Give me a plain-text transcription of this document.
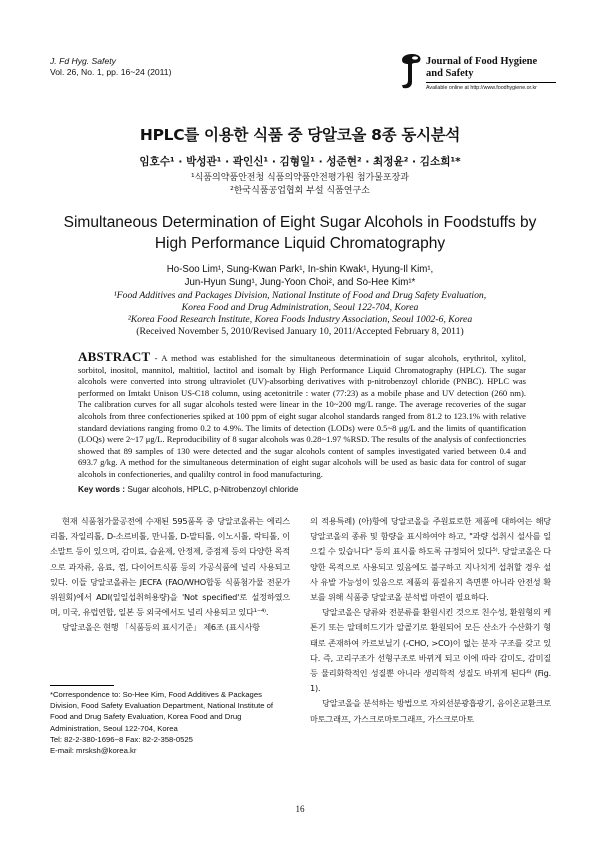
J. Fd Hyg. Safety
Vol. 26, No. 1, pp. 16~24 (2011)
Journal of Food Hygiene
and Safety
Available online at http://www.foodhygiene.or.kr
HPLC를 이용한 식품 중 당알코올 8종 동시분석
임호수¹ · 박성관¹ · 곽인신¹ · 김형일¹ · 성준현² · 최정윤² · 김소희¹*
¹식품의약품안전청 식품의약품안전평가원 첨가물포장과
²한국식품공업협회 부설 식품연구소
Simultaneous Determination of Eight Sugar Alcohols in Foodstuffs by
High Performance Liquid Chromatography
Ho-Soo Lim¹, Sung-Kwan Park¹, In-shin Kwak¹, Hyung-Il Kim¹,
Jun-Hyun Sung¹, Jung-Yoon Choi², and So-Hee Kim¹*
¹Food Additives and Packages Division, National Institute of Food and Drug Safety Evaluation,
Korea Food and Drug Administration, Seoul 122-704, Korea
²Korea Food Research Institute, Korea Foods Industry Association, Seoul 1002-6, Korea
(Received November 5, 2010/Revised January 10, 2011/Accepted February 8, 2011)
ABSTRACT - A method was established for the simultaneous determinatioin of sugar alcohols, erythritol, xylitol, sorbitol, inositol, mannitol, maltitiol, lactitol and isomalt by High Performance Liquid Chromatography (HPLC). The sugar alcohols were converted into strong ultraviolet (UV)-absorbing derivatives with p-nitrobenzoyl chloride (PNBC). HPLC was performed on Imtakt Unison US-C18 column, using acetonitrile : water (77:23) as a mobile phase and UV detection (260 nm). The calibration curves for all sugar alcohols tested were linear in the 10~200 mg/L range. The average recoveries of the sugar alcohols from three confectioneries spiked at 100 ppm of eight sugar alcohol standards ranged from 81.2 to 123.1% with relative standard deviations ranging fromo 0.2 to 4.9%. The limits of detection (LODs) were 0.5~8 μg/L and the limits of quantification (LOQs) were 2~17 μg/L. Reproducibility of 8 sugar alcohols was 0.28~1.97 %RSD. The results of the analysis of confectioncries showed that 89 samples of 130 were detected and the sugar alcohols content of samples investigated varied between 0.4 and 693.7 g/kg. A method for the simultaneous determination of eight sugar alcohols will be used as basic data for control of sugar alcohols in confectioneries, and qualilty control in food manufacturing.
Key words : Sugar alcohols, HPLC, p-Nitrobenzoyl chloride

현재 식품첨가물공전에 수재된 595품목 중 당알코올류는 에리스리톨, 자일리톨, D-소르비톨, 만니톨, D-말티톨, 이노시톨, 락티톨, 이소말트 등이 있으며, 감미료, 습윤제, 안정제, 증점제 등의 다양한 목적으로 과자류, 음료, 껌, 다이어트식품 등의 가공식품에 널리 사용되고 있다. 이들 당알코올류는 JECFA (FAO/WHO합동 식품첨가물 전문가위원회)에서 ADI(일일섭취허용량)을 'Not specified'로 설정하였으며, 미국, 유럽연합, 일본 등 외국에서도 널리 사용되고 있다¹⁻⁴⁾.

당알코올은 현행 「식품등의 표시기준」 제6조 (표시사항

의 적용특례) (아)항에 당알코올을 주원료로한 제품에 대하여는 해당 당알코올의 종류 및 함량을 표시하여야 하고, "과량 섭취시 설사를 일으킬 수 있습니다" 등의 표시를 하도록 규정되어 있다⁵⁾. 당알코올은 다양한 목적으로 사용되고 있음에도 불구하고 지나치게 섭취할 경우 설사 유발 가능성이 있음으로 제품의 품질유지 측면뿐 아니라 안전성 확보를 위해 식품중 당알코올 분석법 마련이 필요하다.

당알코올은 당류와 전분류를 환원시킨 것으로 친수성, 환원형의 케톤기 또는 알데히드기가 알콜기로 환원되어 모든 산소가 수산화기 형태로 존재하여 카르보닐기 (-CHO, >CO)이 없는 분자 구조를 갖고 있다. 즉, 고리구조가 선형구조로 바뀌게 되고 이에 따라 감미도, 감미질 등 물리화학적인 성질뿐 아니라 생리학적 성질도 바뀌게 된다⁶⁾ (Fig. 1).

당알코올을 분석하는 방법으로 자외선분광흡광기, 음이온교환크로마토그래프, 가스크로마토그래프, 가스크로마토

*Correspondence to: So-Hee Kim, Food Additives & Packages Division, Food Safety Evaluation Department, National Institute of Food and Drug Safety Evaluation, Korea Food and Drug Administration, Seoul 122-704, Korea

Tel: 82-2-380-1696~8 Fax: 82-2-358-0525

E-mail: mrsksh@korea.kr

16
